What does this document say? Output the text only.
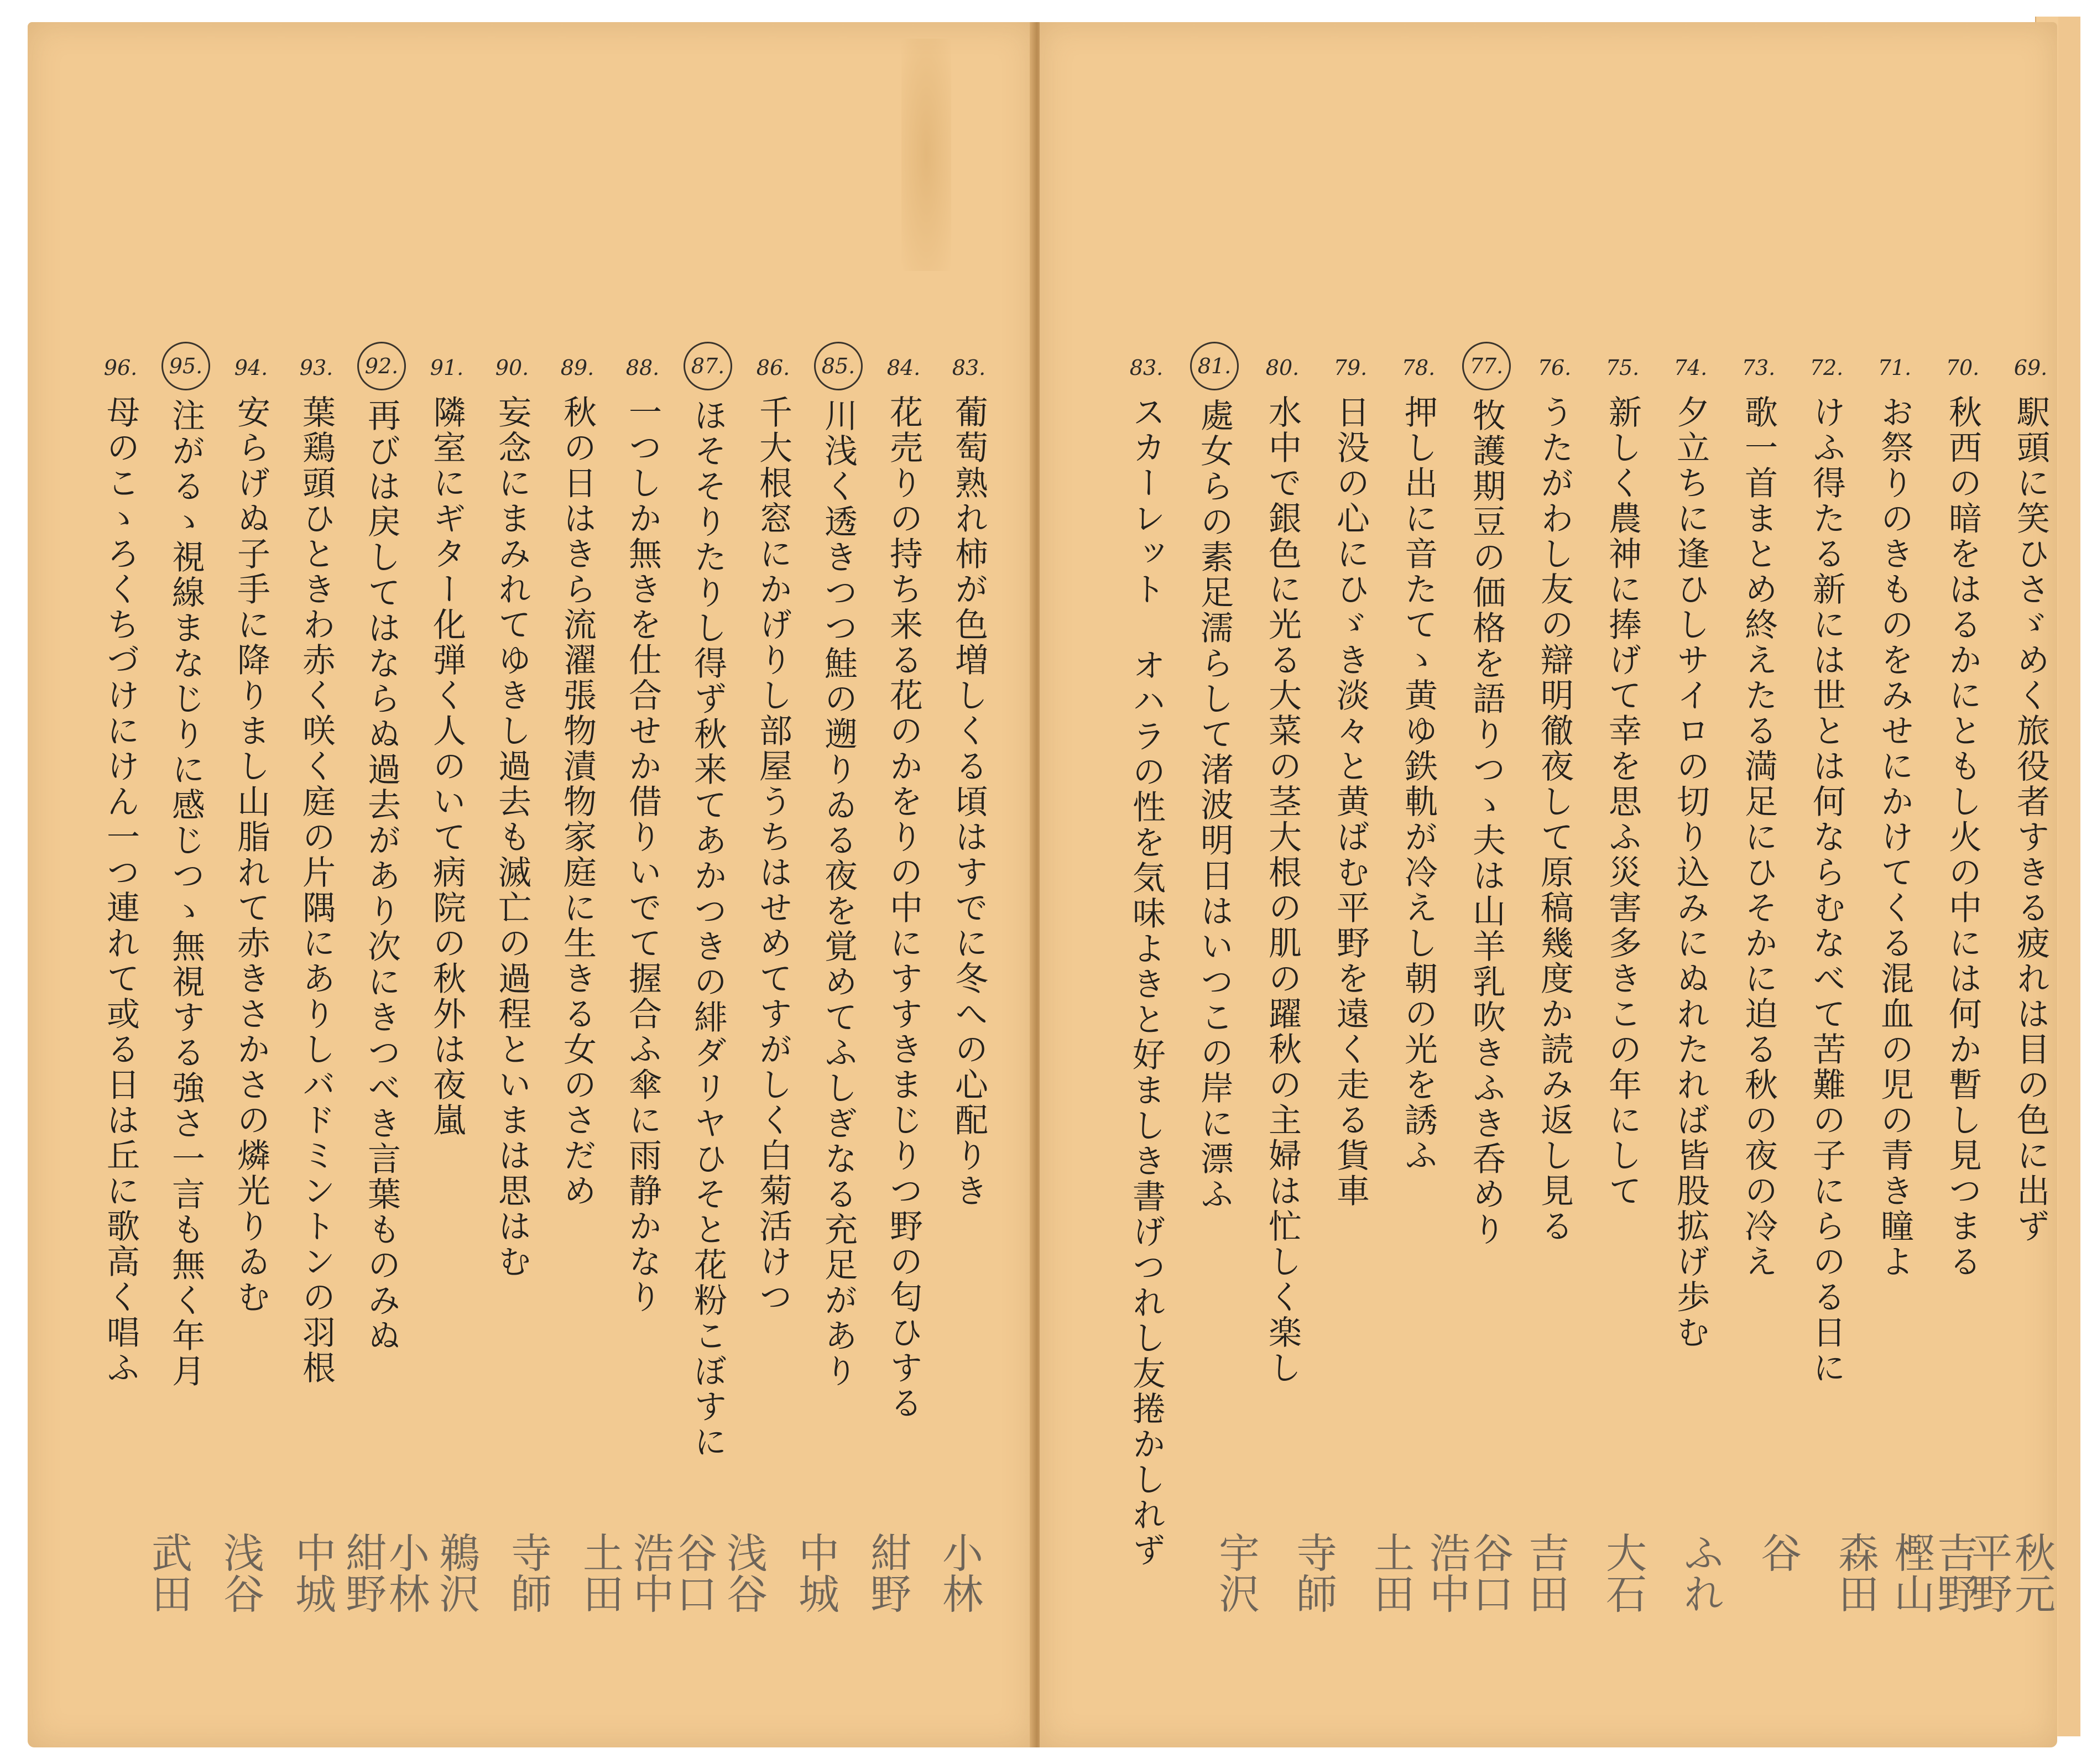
83.
葡萄熟れ柿が色増しくる頃はすでに冬への心配りき
84.
花売りの持ち来る花のかをりの中にすすきまじりつ野の匂ひする
85.
川浅く透きつつ鮭の遡りゐる夜を覚めてふしぎなる充足があり
86.
千大根窓にかげりし部屋うちはせめてすがしく白菊活けつ
87.
ほそそりたりし得ず秋来てあかつきの緋ダリヤひそと花粉こぼすに
88.
一つしか無きを仕合せか借りいでて握合ふ傘に雨静かなり
89.
秋の日はきら流濯張物漬物家庭に生きる女のさだめ
90.
妄念にまみれてゆきし過去も滅亡の過程といまは思はむ
91.
隣室にギター化弾く人のいて病院の秋外は夜嵐
92.
再びは戻してはならぬ過去があり次にきつべき言葉ものみぬ
93.
葉鶏頭ひときわ赤く咲く庭の片隅にありしバドミントンの羽根
94.
安らげぬ子手に降りまし山脂れて赤きさかさの燐光りゐむ
95.
注がるゝ視線まなじりに感じつゝ無視する強さ一言も無く年月
96.
母のこゝろくちづけにけん一つ連れて或る日は丘に歌高く唱ふ
小林
紺野
中城
浅谷
谷口
浩中
土田
寺師
鵜沢
小林
紺野
中城
浅谷
武田
69.
駅頭に笑ひさゞめく旅役者すきる疲れは目の色に出ず
70.
秋西の暗をはるかにともし火の中には何か暫し見つまる
71.
お祭りのきものをみせにかけてくる混血の児の青き瞳よ
72.
けふ得たる新には世とは何ならむなべて苦難の子にらのる日に
73.
歌一首まとめ終えたる満足にひそかに迫る秋の夜の冷え
74.
夕立ちに逢ひしサイロの切り込みにぬれたれば皆股拡げ歩む
75.
新しく農神に捧げて幸を思ふ災害多きこの年にして
76.
うたがわし友の辯明徹夜して原稿幾度か読み返し見る
77.
牧護期豆の価格を語りつゝ夫は山羊乳吹きふき呑めり
78.
押し出に音たてゝ黄ゆ鉄軌が冷えし朝の光を誘ふ
79.
日没の心にひゞき淡々と黄ばむ平野を遠く走る貨車
80.
水中で銀色に光る大菜の茎大根の肌の躍秋の主婦は忙しく楽し
81.
處女らの素足濡らして渚波明日はいつこの岸に漂ふ
83.
スカーレット オハラの性を気味よきと好ましき書げつれし友捲かしれず
秋元
平野
吉野
樫山
森田
谷
ふれ
大石
吉田
谷口
浩中
土田
寺師
宇沢
